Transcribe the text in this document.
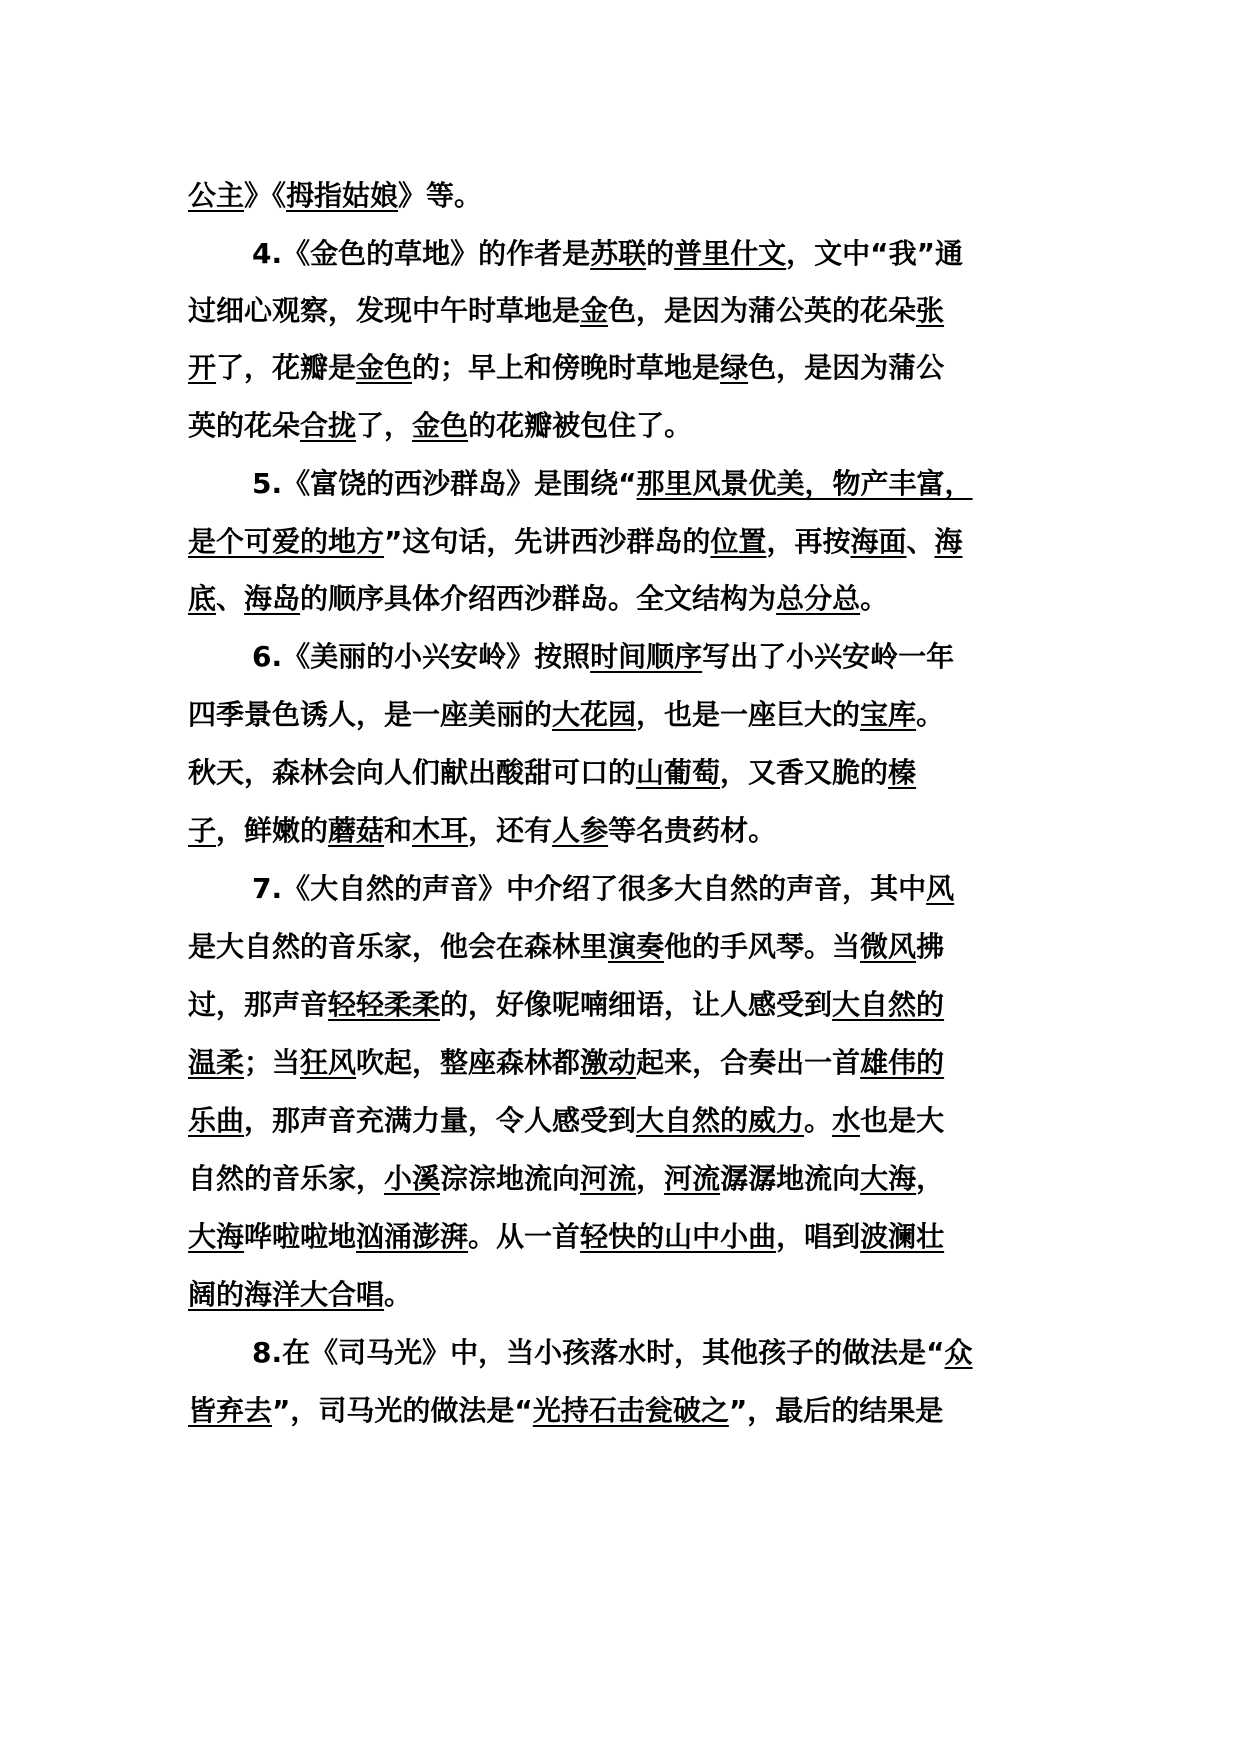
公主》《拇指姑娘》等。
4.《金色的草地》的作者是苏联的普里什文，文中“我”通
过细心观察，发现中午时草地是金色，是因为蒲公英的花朵张
开了，花瓣是金色的；早上和傍晚时草地是绿色，是因为蒲公
英的花朵合拢了，金色的花瓣被包住了。
5.《富饶的西沙群岛》是围绕“那里风景优美，物产丰富，
是个可爱的地方”这句话，先讲西沙群岛的位置，再按海面、海
底、海岛的顺序具体介绍西沙群岛。全文结构为总分总。
6.《美丽的小兴安岭》按照时间顺序写出了小兴安岭一年
四季景色诱人，是一座美丽的大花园，也是一座巨大的宝库。
秋天，森林会向人们献出酸甜可口的山葡萄，又香又脆的榛
子，鲜嫩的蘑菇和木耳，还有人参等名贵药材。
7.《大自然的声音》中介绍了很多大自然的声音，其中风
是大自然的音乐家，他会在森林里演奏他的手风琴。当微风拂
过，那声音轻轻柔柔的，好像呢喃细语，让人感受到大自然的
温柔；当狂风吹起，整座森林都激动起来，合奏出一首雄伟的
乐曲，那声音充满力量，令人感受到大自然的威力。水也是大
自然的音乐家，小溪淙淙地流向河流，河流潺潺地流向大海，
大海哗啦啦地汹涌澎湃。从一首轻快的山中小曲，唱到波澜壮
阔的海洋大合唱。
8.在《司马光》中，当小孩落水时，其他孩子的做法是“众
皆弃去”，司马光的做法是“光持石击瓮破之”，最后的结果是
